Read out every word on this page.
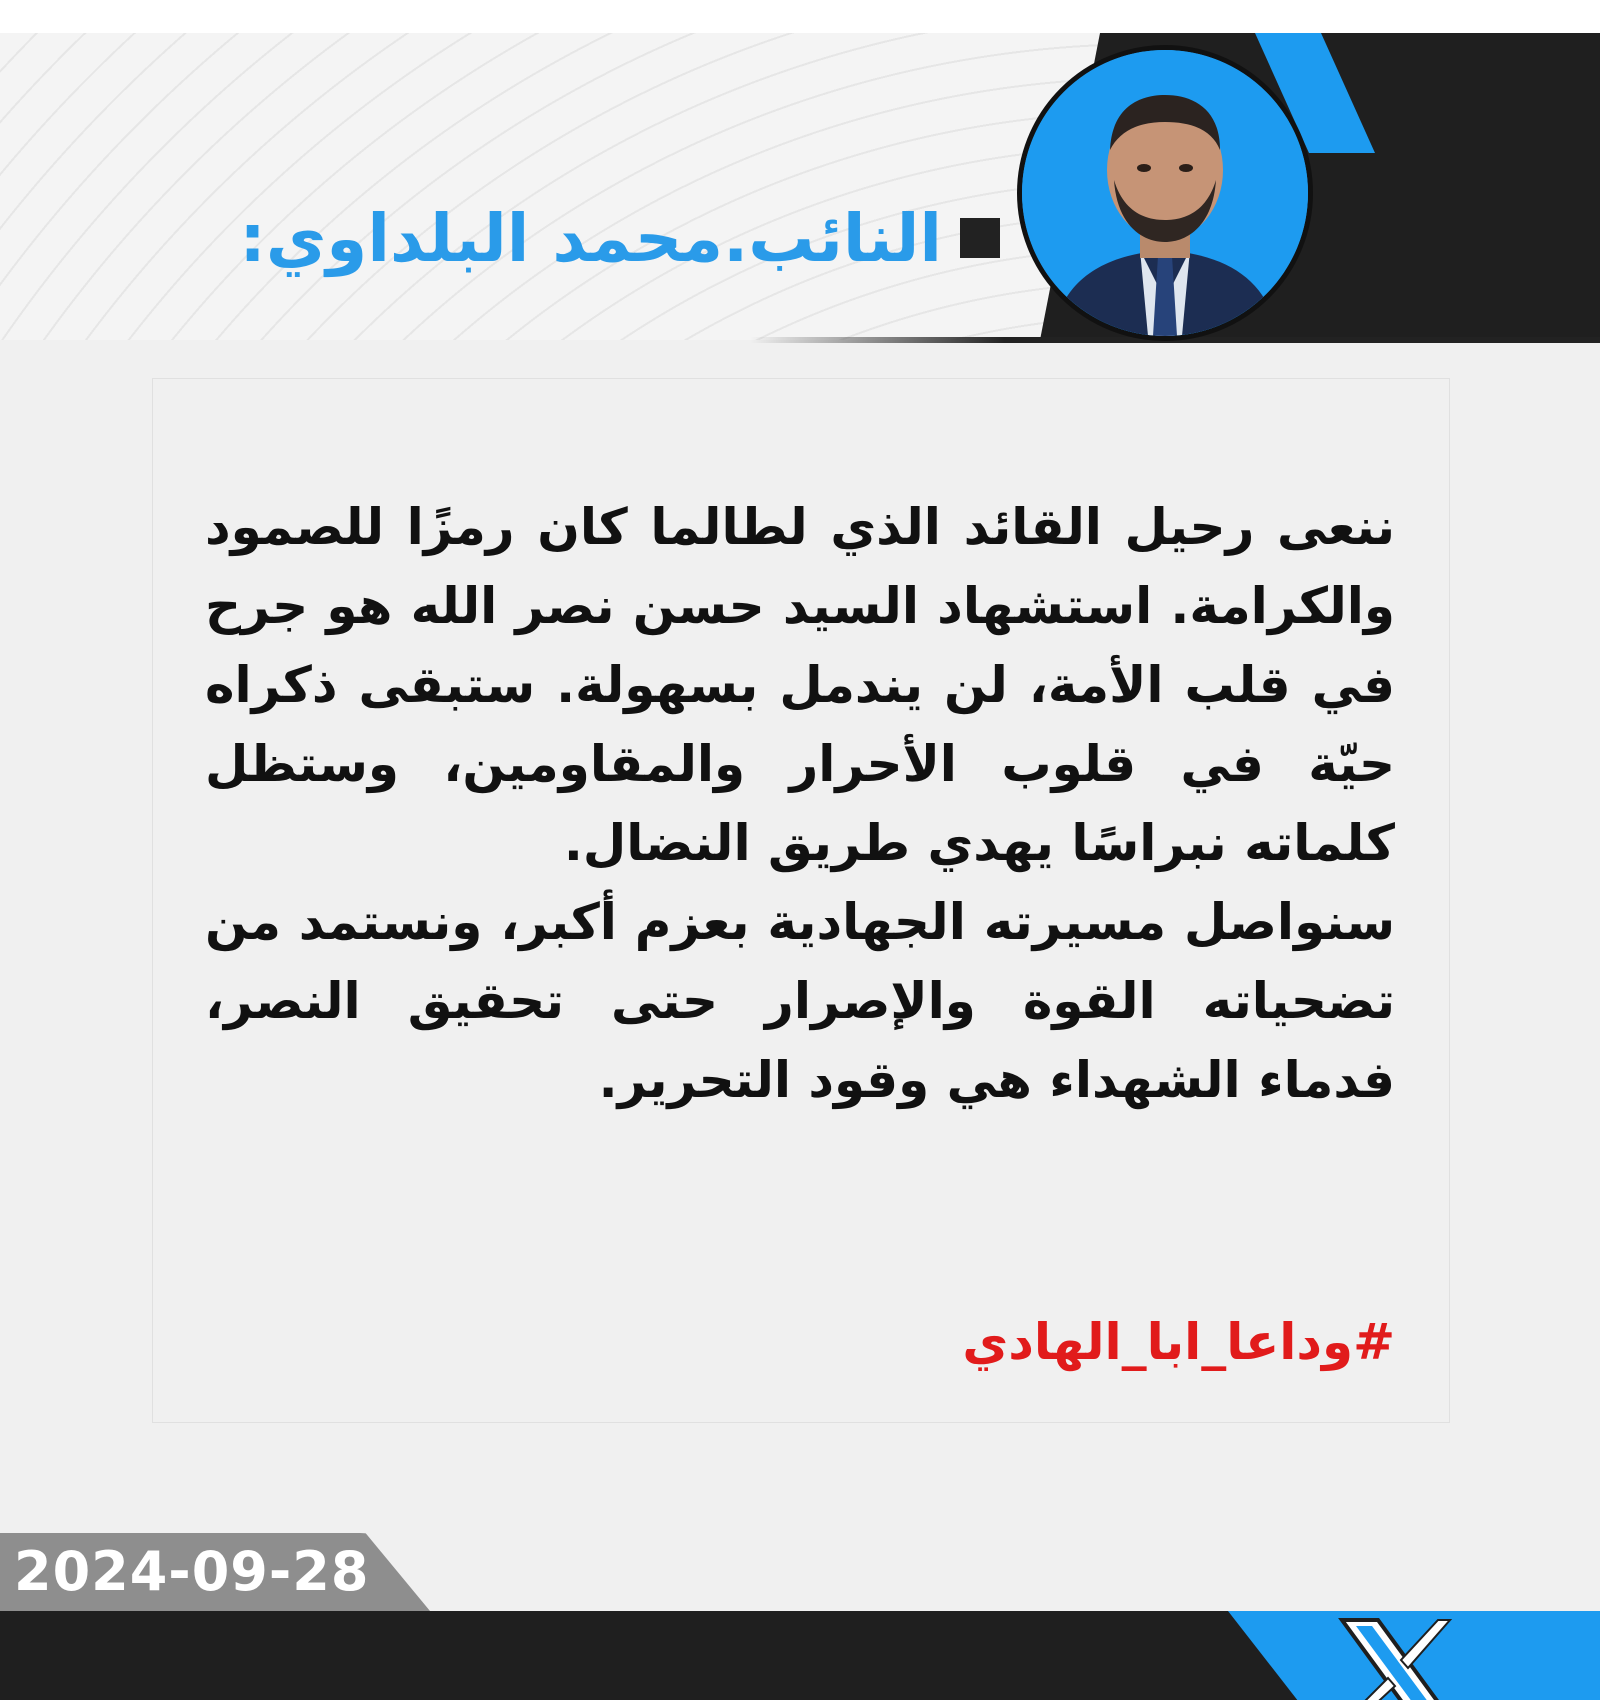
النائب.محمد البلداوي:

ننعى رحيل القائد الذي لطالما كان رمزًا للصمود والكرامة. استشهاد السيد حسن نصر الله هو جرح في قلب الأمة، لن يندمل بسهولة. ستبقى ذكراه حيّة في قلوب الأحرار والمقاومين، وستظل كلماته نبراسًا يهدي طريق النضال.

سنواصل مسيرته الجهادية بعزم أكبر، ونستمد من تضحياته القوة والإصرار حتى تحقيق النصر، فدماء الشهداء هي وقود التحرير.

#وداعا_ابا_الهادي
2024-09-28
